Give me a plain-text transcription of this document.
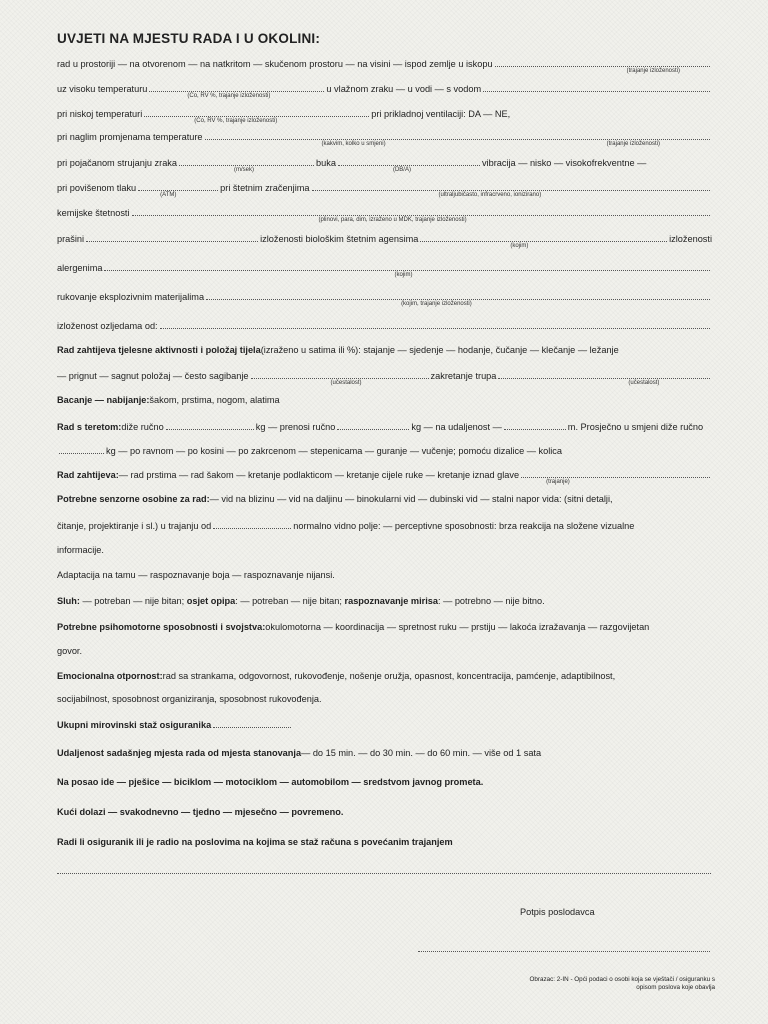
UVJETI NA MJESTU RADA I U OKOLINI:
rad u prostoriji — na otvorenom — na natkritom — skučenom prostoru — na visini — ispod zemlje u iskopu
(trajanje izloženosti)
uz visoku temperaturu
(Co, RV %, trajanje izloženosti)
u vlažnom zraku — u vodi — s vodom
pri niskoj temperaturi
(Co, RV %, trajanje izloženosti)
pri prikladnoj ventilaciji: DA — NE,
pri naglim promjenama temperature
(kakvim, kolko u smjeni)	(trajanje izloženosti)
pri pojačanom strujanju zraka
(m/sek)
buka
(DB/A)
vibracija — nisko — visokofrekventne —
pri povišenom tlaku
(ATM)
pri štetnim zračenjima
(ultraljubičasto, infracrveno, ionizirano)
kemijske štetnosti
(plinovi, para, dim, izraženo u MDK, trajanje izloženosti)
prašini	izloženosti biološkim štetnim agensima
(kojim)
izloženosti
alergenima
(kojim)
rukovanje eksplozivnim materijalima
(kojim, trajanje izloženosti)
izloženost ozljedama od:
Rad zahtijeva tjelesne aktivnosti i položaj tijela (izraženo u satima ili %): stajanje — sjedenje — hodanje, čučanje — klečanje — ležanje
— prignut — sagnut položaj — često sagibanje
(učestalost)
zakretanje trupa
(učestalost)
Bacanje — nabijanje: šakom, prstima, nogom, alatima
Rad s teretom: diže ručno	kg — prenosi ručno	kg — na udaljenost —	m. Prosječno u smjeni diže ručno
kg — po ravnom — po kosini — po zakrcenom — stepenicama — guranje — vučenje; pomoću dizalice — kolica
Rad zahtijeva: — rad prstima — rad šakom — kretanje podlakticom — kretanje cijele ruke — kretanje iznad glave
(trajanje)
Potrebne senzorne osobine za rad: — vid na blizinu — vid na daljinu — binokularni vid — dubinski vid — stalni napor vida: (sitni detalji,
čitanje, projektiranje i sl.) u trajanju od	normalno vidno polje: — perceptivne sposobnosti: brza reakcija na složene vizualne
informacije.
Adaptacija na tamu — raspoznavanje boja — raspoznavanje nijansi.
Sluh: — potreban — nije bitan; osjet opipa : — potreban — nije bitan; raspoznavanje mirisa : — potrebno — nije bitno.
Potrebne psihomotorne sposobnosti i svojstva: okulomotorna — koordinacija — spretnost ruku — prstiju — lakoća izražavanja — razgovijetan
govor.
Emocionalna otpornost: rad sa strankama, odgovornost, rukovođenje, nošenje oružja, opasnost, koncentracija, pamćenje, adaptibilnost,
socijabilnost, sposobnost organiziranja, sposobnost rukovođenja.
Ukupni mirovinski staž osiguranika
Udaljenost sadašnjeg mjesta rada od mjesta stanovanja — do 15 min. — do 30 min. — do 60 min. — više od 1 sata
Na posao ide — pješice — biciklom — motociklom — automobilom — sredstvom javnog prometa.
Kući dolazi — svakodnevno — tjedno — mjesečno — povremeno.
Radi li osiguranik ili je radio na poslovima na kojima se staž računa s povećanim trajanjem
Potpis poslodavca
Obrazac: 2-IN - Opći podaci o osobi koja se vještači / osiguranku s opisom poslova koje obavlja
